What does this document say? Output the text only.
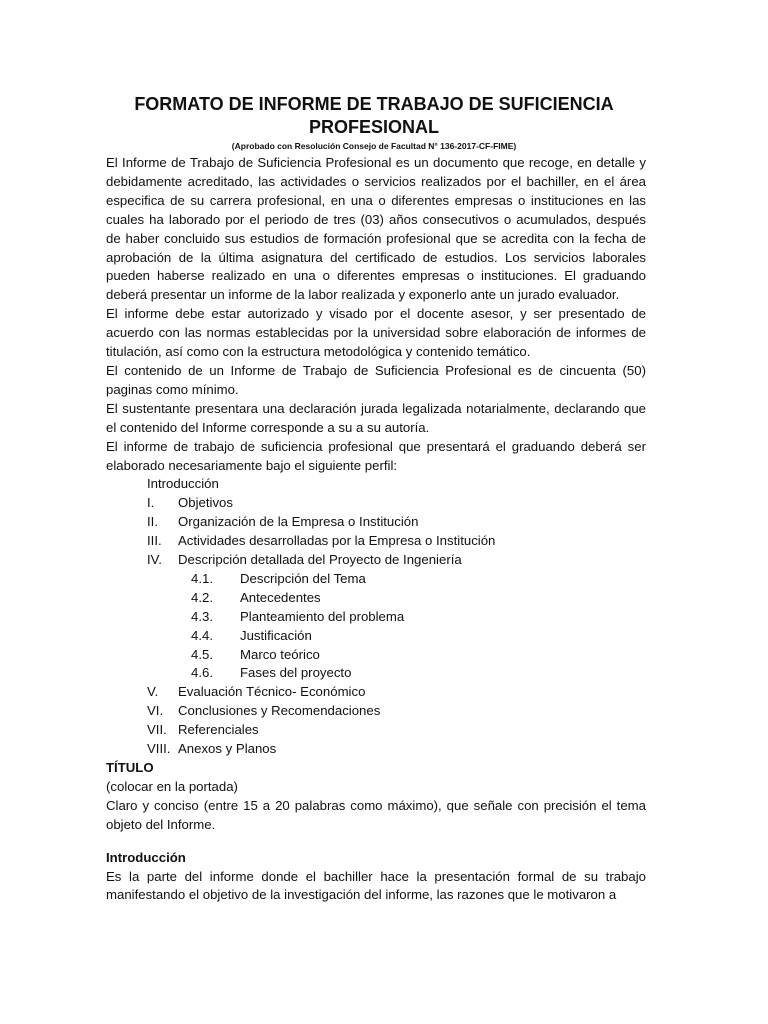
FORMATO DE INFORME DE TRABAJO DE SUFICIENCIA
PROFESIONAL
(Aprobado con Resolución Consejo de Facultad N° 136-2017-CF-FIME)

El Informe de Trabajo de Suficiencia Profesional es un documento que recoge, en detalle y debidamente acreditado, las actividades o servicios realizados por el bachiller, en el área especifica de su carrera profesional, en una o diferentes empresas o instituciones en las cuales ha laborado por el periodo de tres (03) años consecutivos o acumulados, después de haber concluido sus estudios de formación profesional que se acredita con la fecha de aprobación de la última asignatura del certificado de estudios. Los servicios laborales pueden haberse realizado en una o diferentes empresas o instituciones. El graduando deberá presentar un informe de la labor realizada y exponerlo ante un jurado evaluador.

El informe debe estar autorizado y visado por el docente asesor, y ser presentado de acuerdo con las normas establecidas por la universidad sobre elaboración de informes de titulación, así como con la estructura metodológica y contenido temático.

El contenido de un Informe de Trabajo de Suficiencia Profesional es de cincuenta (50) paginas como mínimo.

El sustentante presentara una declaración jurada legalizada notarialmente, declarando que el contenido del Informe corresponde a su a su autoría.

El informe de trabajo de suficiencia profesional que presentará el graduando deberá ser elaborado necesariamente bajo el siguiente perfil:

Introducción
I.	Objetivos
II.	Organización de la Empresa o Institución
III.	Actividades desarrolladas por la Empresa o Institución
IV.	Descripción detallada del Proyecto de Ingeniería
4.1.	Descripción del Tema
4.2.	Antecedentes
4.3.	Planteamiento del problema
4.4.	Justificación
4.5.	Marco teórico
4.6.	Fases del proyecto
V.	Evaluación Técnico- Económico
VI.	Conclusiones y Recomendaciones
VII. Referenciales
VIII. Anexos y Planos
TÍTULO

(colocar en la portada)

Claro y conciso (entre 15 a 20 palabras como máximo), que señale con precisión el tema objeto del Informe.

Introducción

Es la parte del informe donde el bachiller hace la presentación formal de su trabajo manifestando el objetivo de la investigación del informe, las razones que le motivaron a
